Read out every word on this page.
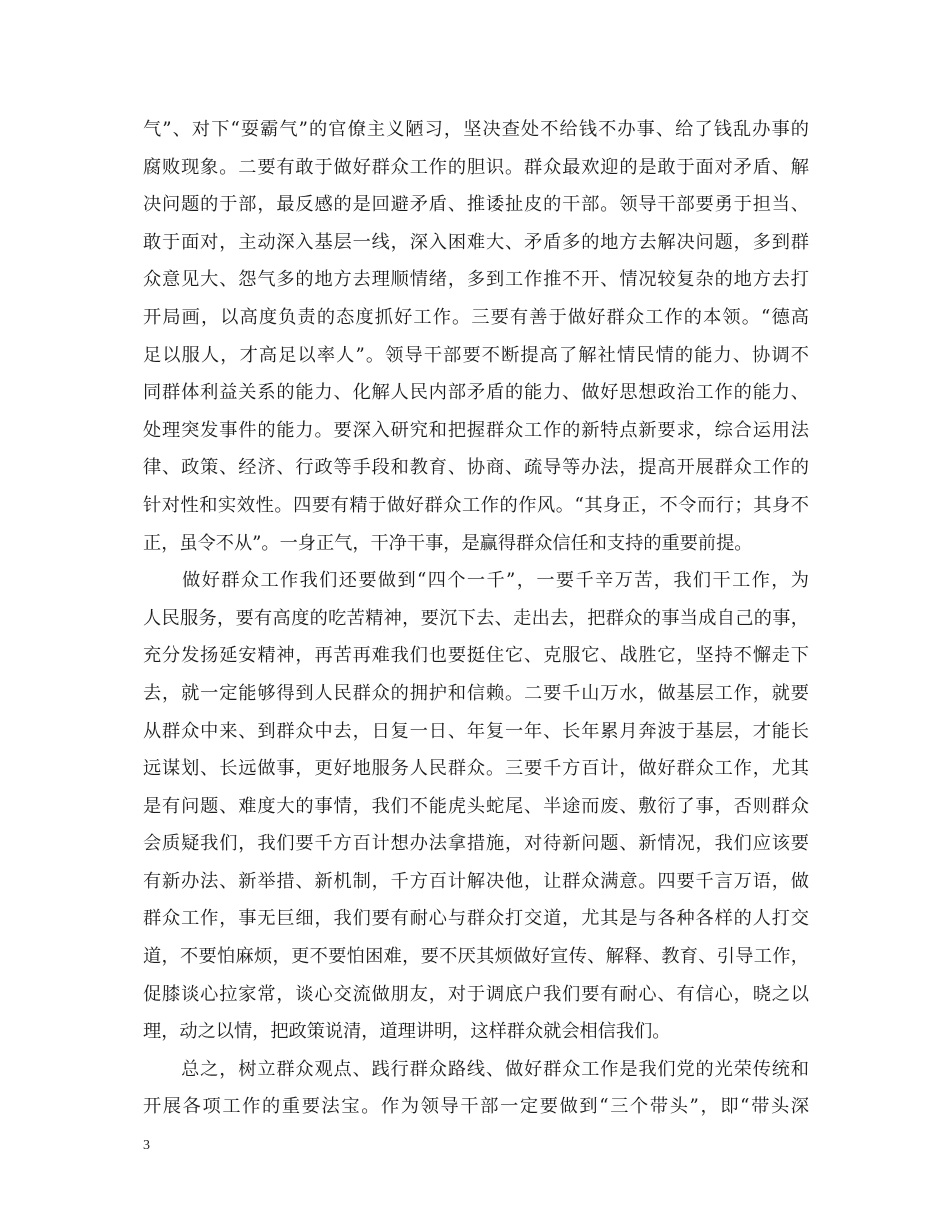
气”、对下“耍霸气”的官僚主义陋习，坚决查处不给钱不办事、给了钱乱办事的
腐败现象。二要有敢于做好群众工作的胆识。群众最欢迎的是敢于面对矛盾、解
决问题的于部，最反感的是回避矛盾、推诿扯皮的干部。领导干部要勇于担当、
敢于面对，主动深入基层一线，深入困难大、矛盾多的地方去解决问题，多到群
众意见大、怨气多的地方去理顺情绪，多到工作推不开、情况较复杂的地方去打
开局画，以高度负责的态度抓好工作。三要有善于做好群众工作的本领。“德高
足以服人，才高足以率人”。领导干部要不断提高了解社情民情的能力、协调不
同群体利益关系的能力、化解人民内部矛盾的能力、做好思想政治工作的能力、
处理突发事件的能力。要深入研究和把握群众工作的新特点新要求，综合运用法
律、政策、经济、行政等手段和教育、协商、疏导等办法，提高开展群众工作的
针对性和实效性。四要有精于做好群众工作的作风。“其身正，不令而行；其身不
正，虽令不从”。一身正气，干净干事，是赢得群众信任和支持的重要前提。
　　做好群众工作我们还要做到“四个一千”，一要千辛万苦，我们干工作，为
人民服务，要有高度的吃苦精神，要沉下去、走出去，把群众的事当成自己的事，
充分发扬延安精神，再苦再难我们也要挺住它、克服它、战胜它，坚持不懈走下
去，就一定能够得到人民群众的拥护和信赖。二要千山万水，做基层工作，就要
从群众中来、到群众中去，日复一日、年复一年、长年累月奔波于基层，才能长
远谋划、长远做事，更好地服务人民群众。三要千方百计，做好群众工作，尤其
是有问题、难度大的事情，我们不能虎头蛇尾、半途而废、敷衍了事，否则群众
会质疑我们，我们要千方百计想办法拿措施，对待新问题、新情况，我们应该要
有新办法、新举措、新机制，千方百计解决他，让群众满意。四要千言万语，做
群众工作，事无巨细，我们要有耐心与群众打交道，尤其是与各种各样的人打交
道，不要怕麻烦，更不要怕困难，要不厌其烦做好宣传、解释、教育、引导工作，
促膝谈心拉家常，谈心交流做朋友，对于调底户我们要有耐心、有信心，晓之以
理，动之以情，把政策说清，道理讲明，这样群众就会相信我们。
　　总之，树立群众观点、践行群众路线、做好群众工作是我们党的光荣传统和
开展各项工作的重要法宝。作为领导干部一定要做到“三个带头”，即“带头深
3
